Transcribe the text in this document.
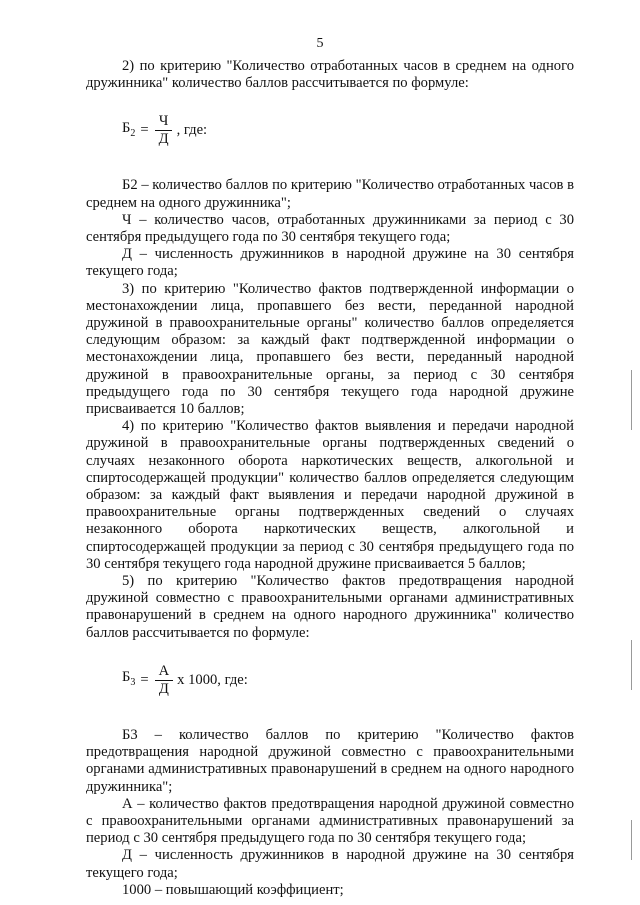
5

2) по критерию "Количество отработанных часов в среднем на одного дружинника" количество баллов рассчитывается по формуле:

$Б_2 = \frac{Ч}{Д}$ , где:

Б2 – количество баллов по критерию "Количество отработанных часов в среднем на одного дружинника";

Ч – количество часов, отработанных дружинниками за период с 30 сентября предыдущего года по 30 сентября текущего года;

Д – численность дружинников в народной дружине на 30 сентября текущего года;

3) по критерию "Количество фактов подтвержденной информации о местонахождении лица, пропавшего без вести, переданной народной дружиной в правоохранительные органы" количество баллов определяется следующим образом: за каждый факт подтвержденной информации о местонахождении лица, пропавшего без вести, переданный народной дружиной в правоохранительные органы, за период с 30 сентября предыдущего года по 30 сентября текущего года народной дружине присваивается 10 баллов;

4) по критерию "Количество фактов выявления и передачи народной дружиной в правоохранительные органы подтвержденных сведений о случаях незаконного оборота наркотических веществ, алкогольной и спиртосодержащей продукции" количество баллов определяется следующим образом: за каждый факт выявления и передачи народной дружиной в правоохранительные органы подтвержденных сведений о случаях незаконного оборота наркотических веществ, алкогольной и спиртосодержащей продукции за период с 30 сентября предыдущего года по 30 сентября текущего года народной дружине присваивается 5 баллов;

5) по критерию "Количество фактов предотвращения народной дружиной совместно с правоохранительными органами административных правонарушений в среднем на одного народного дружинника" количество баллов рассчитывается по формуле:

$Б_3 = \frac{А}{Д}$ х 1000, где:

Б3 – количество баллов по критерию "Количество фактов предотвращения народной дружиной совместно с правоохранительными органами административных правонарушений в среднем на одного народного дружинника";

А – количество фактов предотвращения народной дружиной совместно с правоохранительными органами административных правонарушений за период с 30 сентября предыдущего года по 30 сентября текущего года;

Д – численность дружинников в народной дружине на 30 сентября текущего года;

1000 – повышающий коэффициент;
